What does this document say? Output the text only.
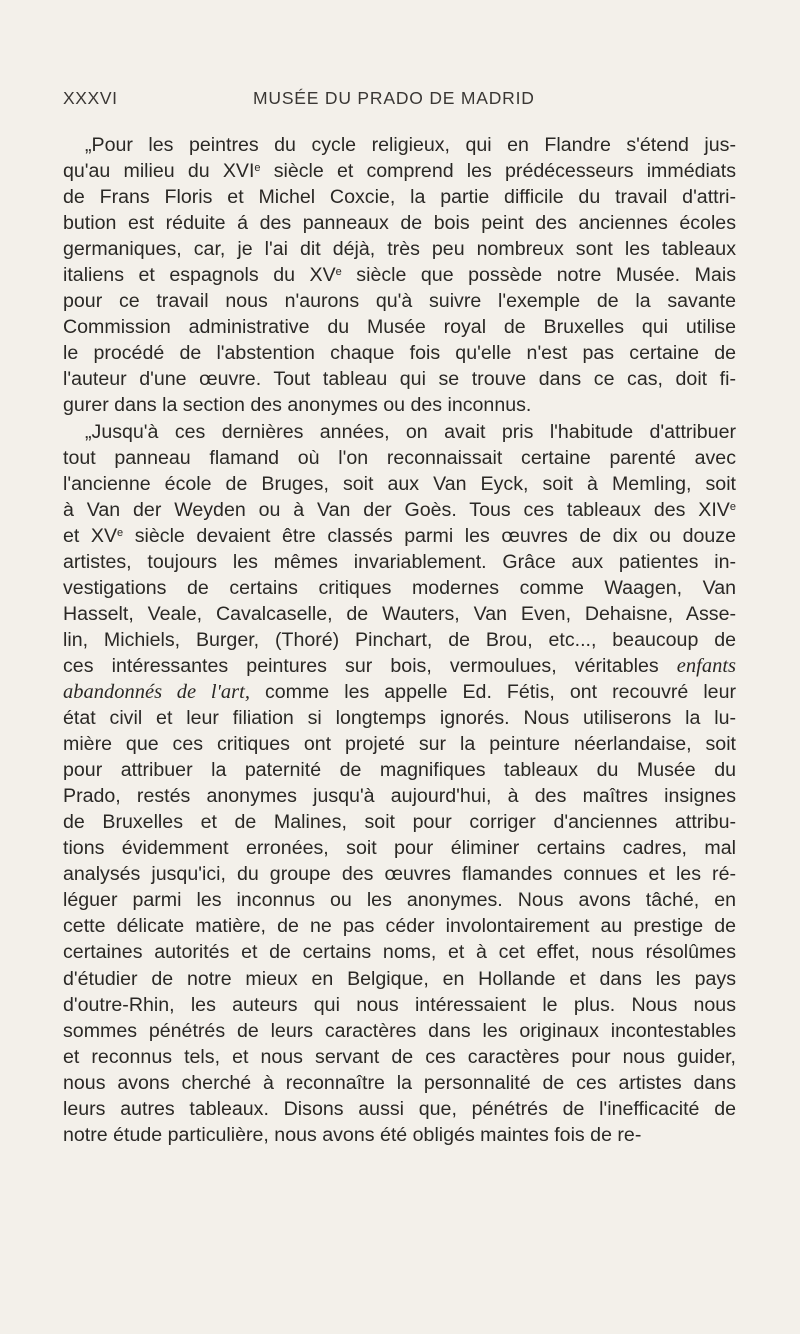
XXXVI	MUSÉE DU PRADO DE MADRID
„Pour les peintres du cycle religieux, qui en Flandre s'étend jus-
qu'au milieu du XVIe siècle et comprend les prédécesseurs immédiats
de Frans Floris et Michel Coxcie, la partie difficile du travail d'attri-
bution est réduite á des panneaux de bois peint des anciennes écoles
germaniques, car, je l'ai dit déjà, très peu nombreux sont les tableaux
italiens et espagnols du XVe siècle que possède notre Musée. Mais
pour ce travail nous n'aurons qu'à suivre l'exemple de la savante
Commission administrative du Musée royal de Bruxelles qui utilise
le procédé de l'abstention chaque fois qu'elle n'est pas certaine de
l'auteur d'une œuvre. Tout tableau qui se trouve dans ce cas, doit fi-
gurer dans la section des anonymes ou des inconnus.
„Jusqu'à ces dernières années, on avait pris l'habitude d'attribuer
tout panneau flamand où l'on reconnaissait certaine parenté avec
l'ancienne école de Bruges, soit aux Van Eyck, soit à Memling, soit
à Van der Weyden ou à Van der Goès. Tous ces tableaux des XIVe
et XVe siècle devaient être classés parmi les œuvres de dix ou douze
artistes, toujours les mêmes invariablement. Grâce aux patientes in-
vestigations de certains critiques modernes comme Waagen, Van
Hasselt, Veale, Cavalcaselle, de Wauters, Van Even, Dehaisne, Asse-
lin, Michiels, Burger, (Thoré) Pinchart, de Brou, etc..., beaucoup de
ces intéressantes peintures sur bois, vermoulues, véritables enfants
abandonnés de l'art, comme les appelle Ed. Fétis, ont recouvré leur
état civil et leur filiation si longtemps ignorés. Nous utiliserons la lu-
mière que ces critiques ont projeté sur la peinture néerlandaise, soit
pour attribuer la paternité de magnifiques tableaux du Musée du
Prado, restés anonymes jusqu'à aujourd'hui, à des maîtres insignes
de Bruxelles et de Malines, soit pour corriger d'anciennes attribu-
tions évidemment erronées, soit pour éliminer certains cadres, mal
analysés jusqu'ici, du groupe des œuvres flamandes connues et les ré-
léguer parmi les inconnus ou les anonymes. Nous avons tâché, en
cette délicate matière, de ne pas céder involontairement au prestige de
certaines autorités et de certains noms, et à cet effet, nous résolûmes
d'étudier de notre mieux en Belgique, en Hollande et dans les pays
d'outre-Rhin, les auteurs qui nous intéressaient le plus. Nous nous
sommes pénétrés de leurs caractères dans les originaux incontestables
et reconnus tels, et nous servant de ces caractères pour nous guider,
nous avons cherché à reconnaître la personnalité de ces artistes dans
leurs autres tableaux. Disons aussi que, pénétrés de l'inefficacité de
notre étude particulière, nous avons été obligés maintes fois de re-
